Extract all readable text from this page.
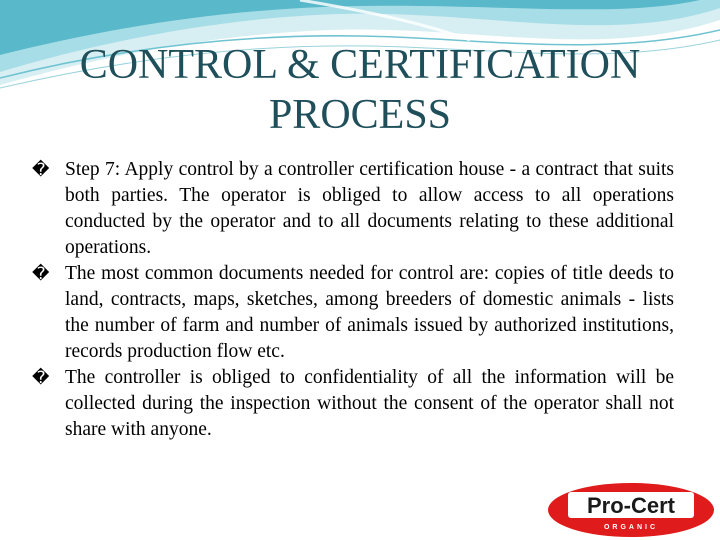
CONTROL & CERTIFICATION
PROCESS

� Step 7: Apply control by a controller certification house - a contract that suits both parties. The operator is obliged to allow access to all operations conducted by the operator and to all documents relating to these additional operations.

� The most common documents needed for control are: copies of title deeds to land, contracts, maps, sketches, among breeders of domestic animals - lists the number of farm and number of animals issued by authorized institutions, records production flow etc.

� The controller is obliged to confidentiality of all the information will be collected during the inspection without the consent of the operator shall not share with anyone.

Pro-Cert
ORGANIC
